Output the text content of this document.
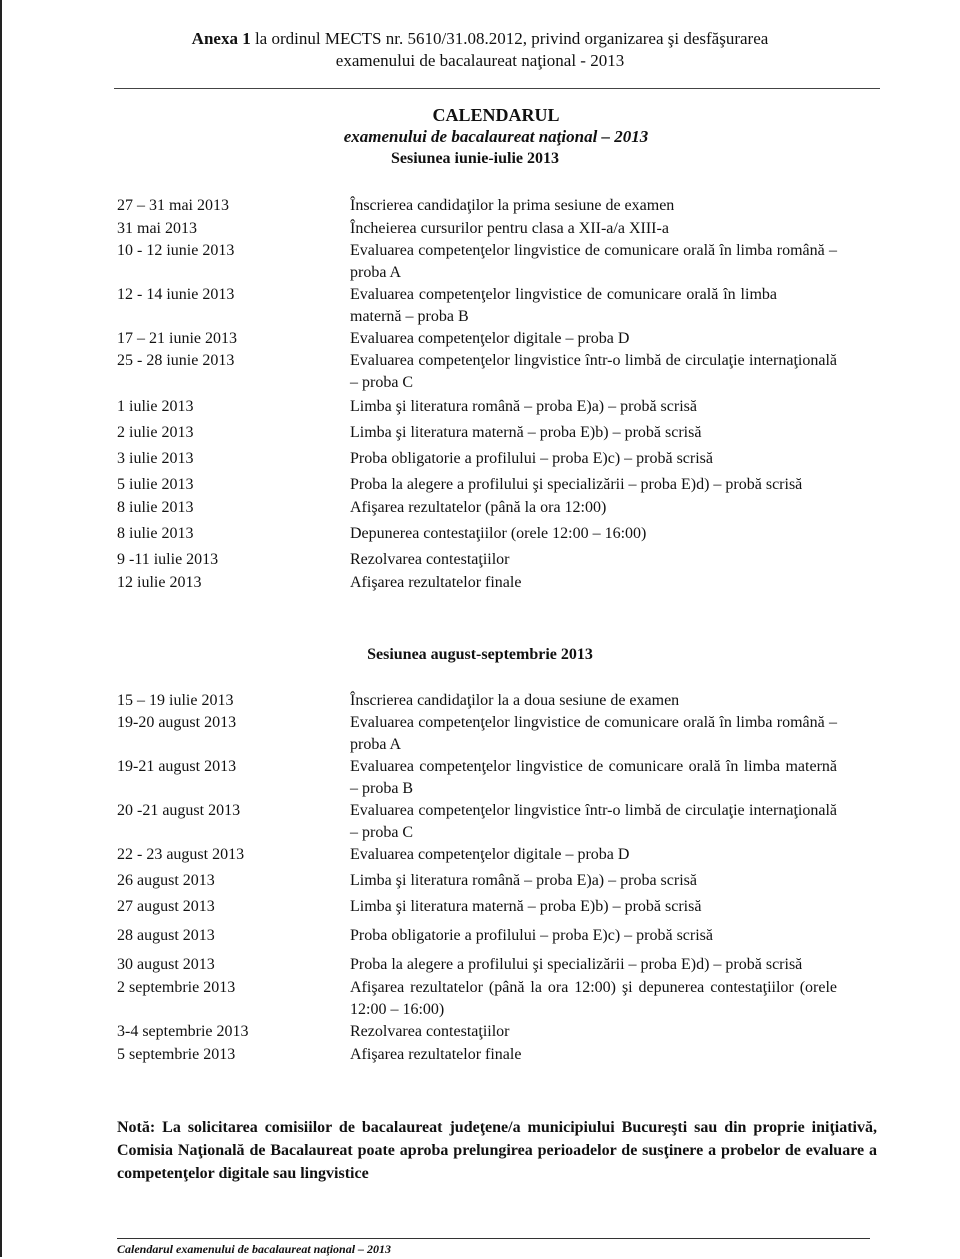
Anexa 1 la ordinul MECTS nr. 5610/31.08.2012, privind organizarea şi desfăşurarea
examenului de bacalaureat naţional - 2013
CALENDARUL
examenului de bacalaureat naţional – 2013
Sesiunea iunie-iulie 2013
27 – 31 mai 2013	Înscrierea candidaţilor la prima sesiune de examen
31 mai 2013	Încheierea cursurilor pentru clasa a XII-a/a XIII-a
10 - 12 iunie 2013	Evaluarea competenţelor lingvistice de comunicare orală în limba română – proba A
12 - 14 iunie 2013	Evaluarea competenţelor lingvistice de comunicare orală în limba maternă – proba B
17 – 21 iunie 2013	Evaluarea competenţelor digitale – proba D
25 - 28 iunie 2013	Evaluarea competenţelor lingvistice într-o limbă de circulaţie internaţională – proba C
1 iulie 2013	Limba şi literatura română – proba E)a) – probă scrisă
2 iulie 2013	Limba şi literatura maternă – proba E)b) – probă scrisă
3 iulie 2013	Proba obligatorie a profilului – proba E)c) – probă scrisă
5 iulie 2013	Proba la alegere a profilului şi specializării – proba E)d) – probă scrisă
8 iulie 2013	Afişarea rezultatelor (până la ora 12:00)
8 iulie 2013	Depunerea contestaţiilor (orele 12:00 – 16:00)
9 -11 iulie 2013	Rezolvarea contestaţiilor
12 iulie 2013	Afişarea rezultatelor finale
Sesiunea august-septembrie 2013
15 – 19 iulie 2013	Înscrierea candidaţilor la a doua sesiune de examen
19-20 august 2013	Evaluarea competenţelor lingvistice de comunicare orală în limba română – proba A
19-21 august 2013	Evaluarea competenţelor lingvistice de comunicare orală în limba maternă – proba B
20 -21 august 2013	Evaluarea competenţelor lingvistice într-o limbă de circulaţie internaţională – proba C
22 - 23 august 2013	Evaluarea competenţelor digitale – proba D
26 august 2013	Limba şi literatura română – proba E)a) – proba scrisă
27 august 2013	Limba şi literatura maternă – proba E)b) – probă scrisă
28 august 2013	Proba obligatorie a profilului – proba E)c) – probă scrisă
30 august 2013	Proba la alegere a profilului şi specializării – proba E)d) – probă scrisă
2 septembrie 2013	Afişarea rezultatelor (până la ora 12:00) şi depunerea contestaţiilor (orele 12:00 – 16:00)
3-4 septembrie 2013	Rezolvarea contestaţiilor
5 septembrie 2013	Afişarea rezultatelor finale
Notă: La solicitarea comisiilor de bacalaureat judeţene/a municipiului Bucureşti sau din proprie iniţiativă, Comisia Naţională de Bacalaureat poate aproba prelungirea perioadelor de susţinere a probelor de evaluare a competenţelor digitale sau lingvistice
Calendarul examenului de bacalaureat naţional – 2013
